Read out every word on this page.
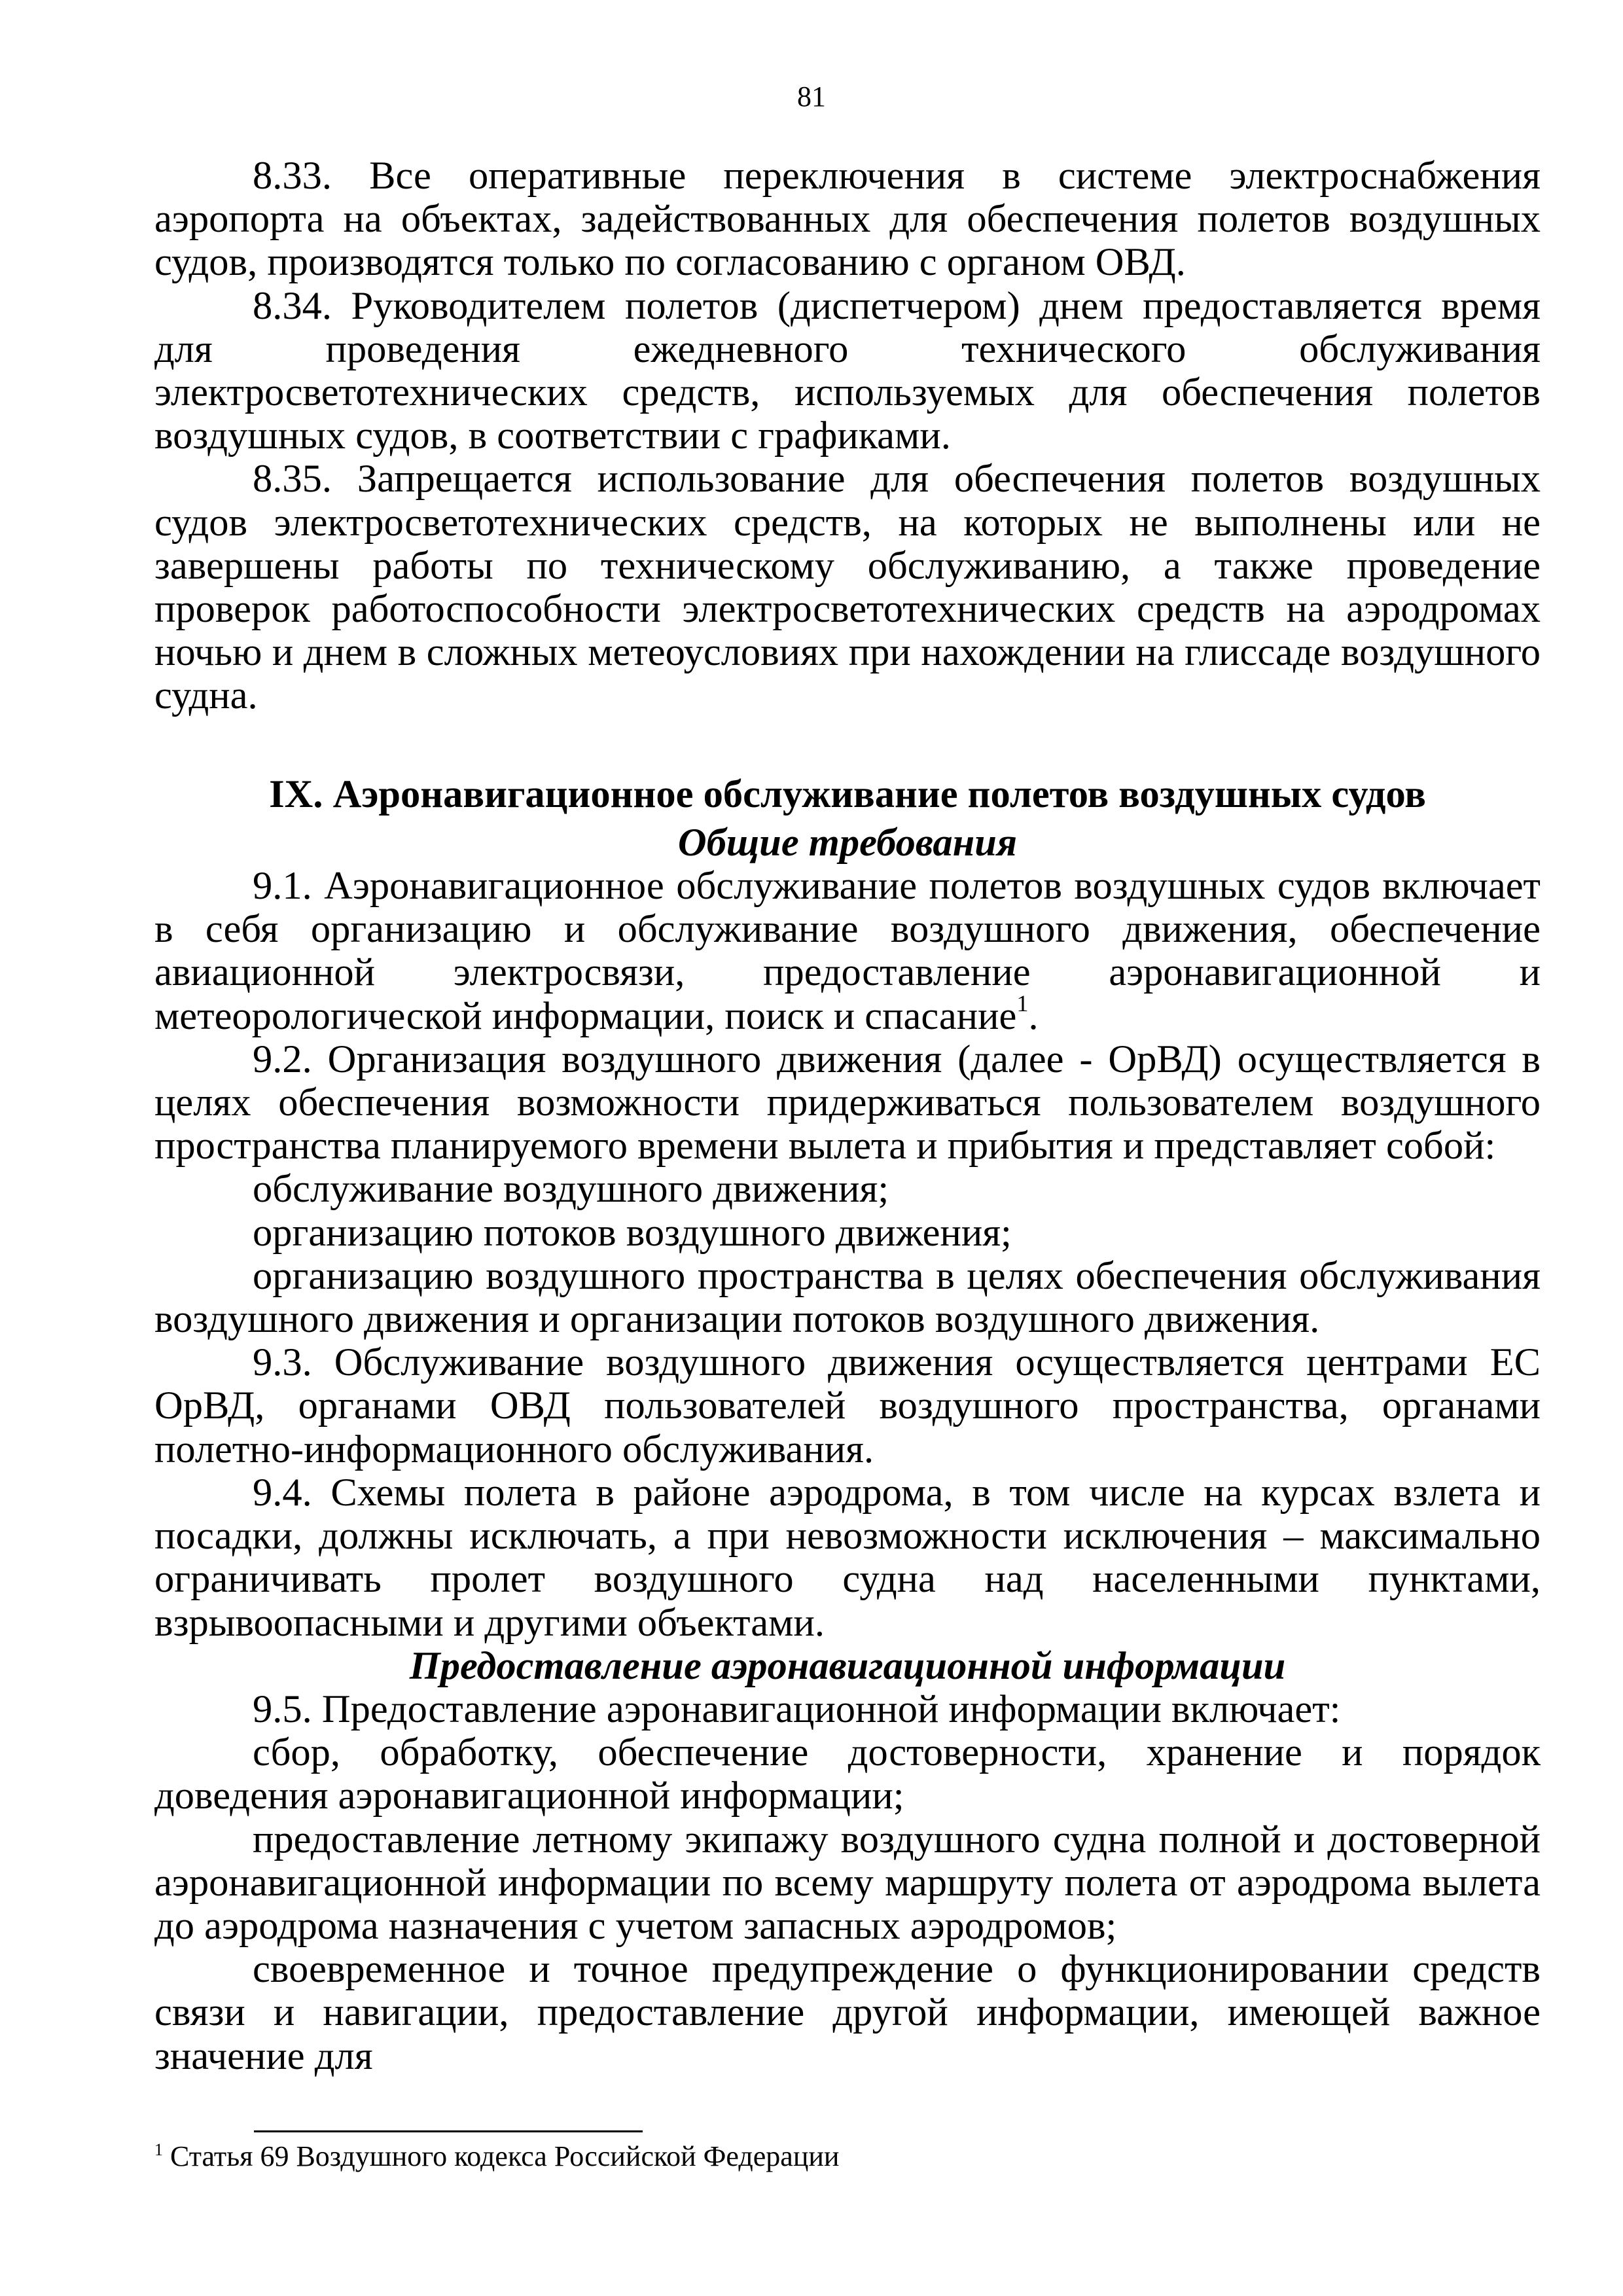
81

8.33. Все оперативные переключения в системе электроснабжения аэропорта на объектах, задействованных для обеспечения полетов воздушных судов, производятся только по согласованию с органом ОВД.

8.34. Руководителем полетов (диспетчером) днем предоставляется время для проведения ежедневного технического обслуживания электросветотехнических средств, используемых для обеспечения полетов воздушных судов, в соответствии с графиками.

8.35. Запрещается использование для обеспечения полетов воздушных судов электросветотехнических средств, на которых не выполнены или не завершены работы по техническому обслуживанию, а также проведение проверок работоспособности электросветотехнических средств на аэродромах ночью и днем в сложных метеоусловиях при нахождении на глиссаде воздушного судна.

IX. Аэронавигационное обслуживание полетов воздушных судов

Общие требования

9.1. Аэронавигационное обслуживание полетов воздушных судов включает в себя организацию и обслуживание воздушного движения, обеспечение авиационной электросвязи, предоставление аэронавигационной и метеорологической информации, поиск и спасание$^1$.

9.2. Организация воздушного движения (далее - ОрВД) осуществляется в целях обеспечения возможности придерживаться пользователем воздушного пространства планируемого времени вылета и прибытия и представляет собой:

обслуживание воздушного движения;

организацию потоков воздушного движения;

организацию воздушного пространства в целях обеспечения обслуживания воздушного движения и организации потоков воздушного движения.

9.3. Обслуживание воздушного движения осуществляется центрами ЕС ОрВД, органами ОВД пользователей воздушного пространства, органами полетно-информационного обслуживания.

9.4. Схемы полета в районе аэродрома, в том числе на курсах взлета и посадки, должны исключать, а при невозможности исключения – максимально ограничивать пролет воздушного судна над населенными пунктами, взрывоопасными и другими объектами.

Предоставление аэронавигационной информации

9.5. Предоставление аэронавигационной информации включает:

сбор, обработку, обеспечение достоверности, хранение и порядок доведения аэронавигационной информации;

предоставление летному экипажу воздушного судна полной и достоверной аэронавигационной информации по всему маршруту полета от аэродрома вылета до аэродрома назначения с учетом запасных аэродромов;

своевременное и точное предупреждение о функционировании средств связи и навигации, предоставление другой информации, имеющей важное значение для

$^1$ Статья 69 Воздушного кодекса Российской Федерации
